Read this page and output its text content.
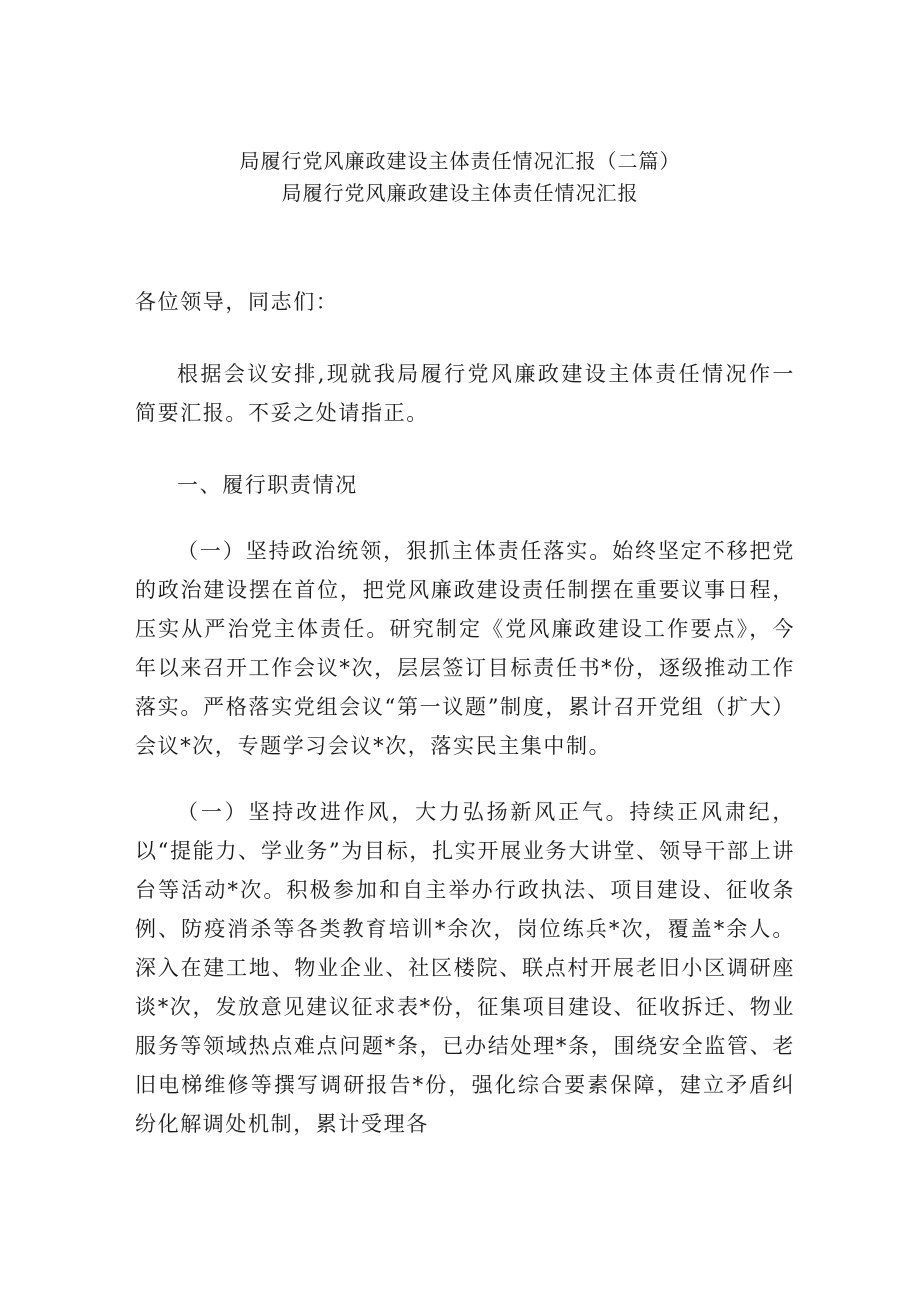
局履行党风廉政建设主体责任情况汇报（二篇）
局履行党风廉政建设主体责任情况汇报

各位领导，同志们：

根据会议安排,现就我局履行党风廉政建设主体责任情况作一简要汇报。不妥之处请指正。

一、履行职责情况

（一）坚持政治统领，狠抓主体责任落实。始终坚定不移把党的政治建设摆在首位，把党风廉政建设责任制摆在重要议事日程，压实从严治党主体责任。研究制定《党风廉政建设工作要点》，今年以来召开工作会议*次，层层签订目标责任书*份，逐级推动工作落实。严格落实党组会议“第一议题”制度，累计召开党组（扩大）会议*次，专题学习会议*次，落实民主集中制。

（一）坚持改进作风，大力弘扬新风正气。持续正风肃纪，以“提能力、学业务”为目标，扎实开展业务大讲堂、领导干部上讲台等活动*次。积极参加和自主举办行政执法、项目建设、征收条例、防疫消杀等各类教育培训*余次，岗位练兵*次，覆盖*余人。深入在建工地、物业企业、社区楼院、联点村开展老旧小区调研座谈*次，发放意见建议征求表*份，征集项目建设、征收拆迁、物业服务等领域热点难点问题*条，已办结处理*条，围绕安全监管、老旧电梯维修等撰写调研报告*份，强化综合要素保障，建立矛盾纠纷化解调处机制，累计受理各
